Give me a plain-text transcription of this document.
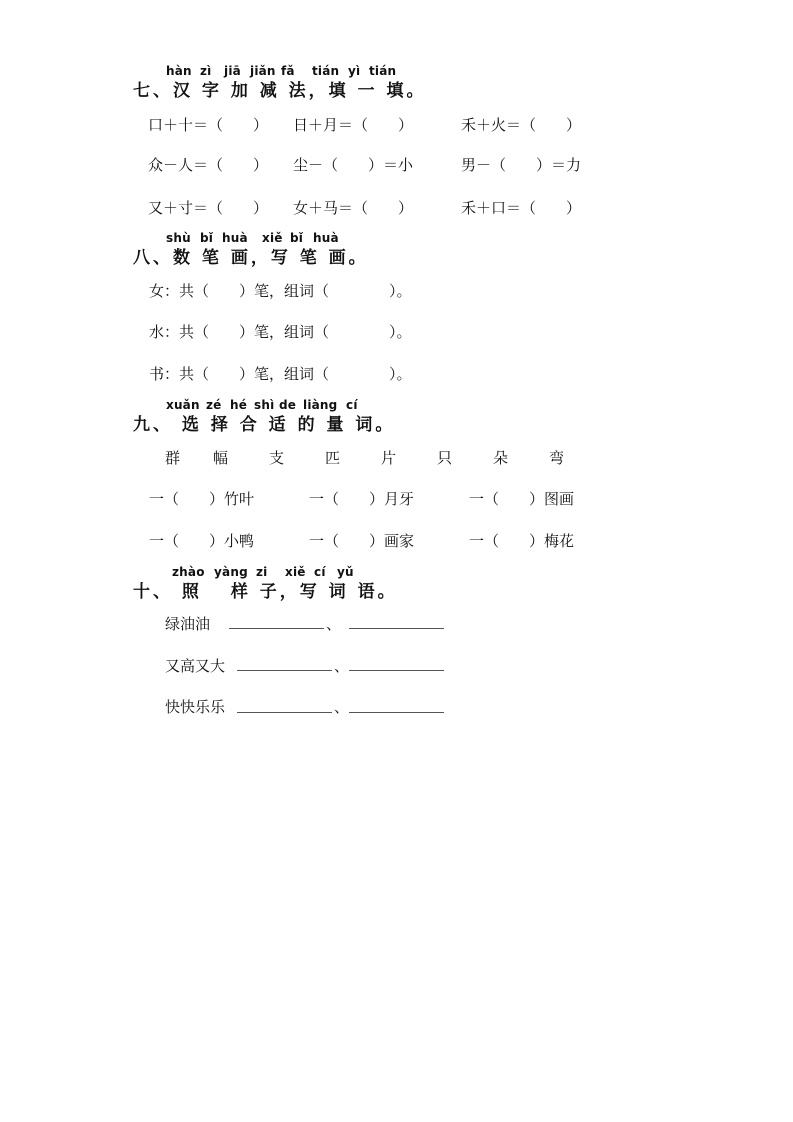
hàn zì jiā jiǎn fǎ tián yì tián
七、汉 字 加 减 法，填 一 填。
口＋十＝（　　） 日＋月＝（　　）	禾＋火＝（　　）
众－人＝（　　） 尘－（　　）＝小	男－（　　）＝力
又＋寸＝（　　） 女＋马＝（　　）	禾＋口＝（　　）
shù bǐ huà xiě bǐ huà
八、数 笔 画，写 笔 画。
女：共（　　）笔，组词（　　　　）。
水：共（　　）笔，组词（　　　　）。
书：共（　　）笔，组词（　　　　）。
xuǎn zé hé shì de liàng cí
九、 选 择 合 适 的 量 词。
群 幅	支	匹	片	只	朵	弯
一（　　）竹叶	一（　　）月牙	一（　　）图画
一（　　）小鸭	一（　　）画家	一（　　）梅花
zhào yàng zi xiě cí yǔ
十、 照 　样 子，写 词 语。
绿油油	、
又高又大	、
快快乐乐	、
